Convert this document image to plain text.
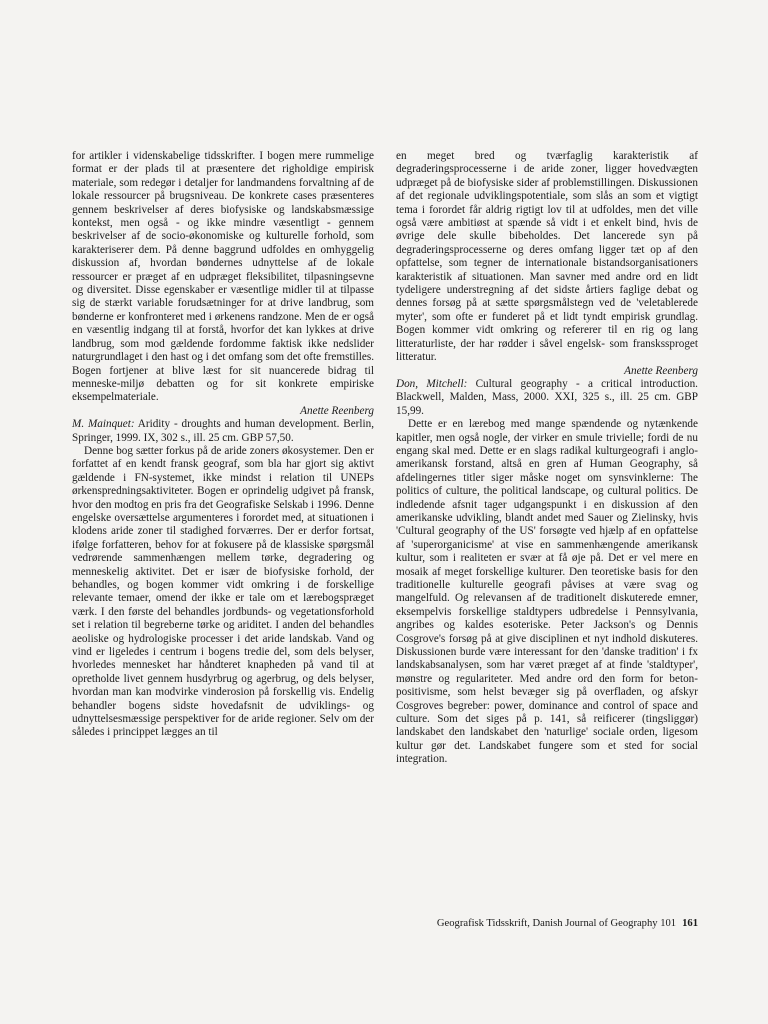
for artikler i videnskabelige tidsskrifter. I bogen mere rummelige format er der plads til at præsentere det righoldige empirisk materiale, som redegør i detaljer for landmandens forvaltning af de lokale ressourcer på brugsniveau. De konkrete cases præsenteres gennem beskrivelser af deres biofysiske og landskabsmæssige kontekst, men også - og ikke mindre væsentligt - gennem beskrivelser af de socio-økonomiske og kulturelle forhold, som karakteriserer dem. På denne baggrund udfoldes en omhyggelig diskussion af, hvordan bøndernes udnyttelse af de lokale ressourcer er præget af en udpræget fleksibilitet, tilpasningsevne og diversitet. Disse egenskaber er væsentlige midler til at tilpasse sig de stærkt variable forudsætninger for at drive landbrug, som bønderne er konfronteret med i ørkenens randzone. Men de er også en væsentlig indgang til at forstå, hvorfor det kan lykkes at drive landbrug, som mod gældende fordomme faktisk ikke nedslider naturgrundlaget i den hast og i det omfang som det ofte fremstilles. Bogen fortjener at blive læst for sit nuancerede bidrag til menneske-miljø debatten og for sit konkrete empiriske eksempelmateriale.

Anette Reenberg

M. Mainquet: Aridity - droughts and human development. Berlin, Springer, 1999. IX, 302 s., ill. 25 cm. GBP 57,50.

Denne bog sætter forkus på de aride zoners økosystemer. Den er forfattet af en kendt fransk geograf, som bla har gjort sig aktivt gældende i FN-systemet, ikke mindst i relation til UNEPs ørkenspredningsaktiviteter. Bogen er oprindelig udgivet på fransk, hvor den modtog en pris fra det Geografiske Selskab i 1996. Denne engelske oversættelse argumenteres i forordet med, at situationen i klodens aride zoner til stadighed forværres. Der er derfor fortsat, ifølge forfatteren, behov for at fokusere på de klassiske spørgsmål vedrørende sammenhængen mellem tørke, degradering og menneskelig aktivitet. Det er især de biofysiske forhold, der behandles, og bogen kommer vidt omkring i de forskellige relevante temaer, omend der ikke er tale om et lærebogspræget værk. I den første del behandles jordbunds- og vegetationsforhold set i relation til begreberne tørke og ariditet. I anden del behandles aeoliske og hydrologiske processer i det aride landskab. Vand og vind er ligeledes i centrum i bogens tredie del, som dels belyser, hvorledes mennesket har håndteret knapheden på vand til at opretholde livet gennem husdyrbrug og agerbrug, og dels belyser, hvordan man kan modvirke vinderosion på forskellig vis. Endelig behandler bogens sidste hovedafsnit de udviklings- og udnyttelsesmæssige perspektiver for de aride regioner. Selv om der således i princippet lægges an til

en meget bred og tværfaglig karakteristik af degraderingsprocesserne i de aride zoner, ligger hovedvægten udpræget på de biofysiske sider af problemstillingen. Diskussionen af det regionale udviklingspotentiale, som slås an som et vigtigt tema i forordet får aldrig rigtigt lov til at udfoldes, men det ville også være ambitiøst at spænde så vidt i et enkelt bind, hvis de øvrige dele skulle bibeholdes. Det lancerede syn på degraderingsprocesserne og deres omfang ligger tæt op af den opfattelse, som tegner de internationale bistandsorganisationers karakteristik af situationen. Man savner med andre ord en lidt tydeligere understregning af det sidste årtiers faglige debat og dennes forsøg på at sætte spørgsmålstegn ved de 'veletablerede myter', som ofte er funderet på et lidt tyndt empirisk grundlag. Bogen kommer vidt omkring og refererer til en rig og lang litteraturliste, der har rødder i såvel engelsk- som franskssproget litteratur.

Anette Reenberg

Don, Mitchell: Cultural geography - a critical introduction. Blackwell, Malden, Mass, 2000. XXI, 325 s., ill. 25 cm. GBP 15,99.

Dette er en lærebog med mange spændende og nytænkende kapitler, men også nogle, der virker en smule trivielle; fordi de nu engang skal med. Dette er en slags radikal kulturgeografi i anglo-amerikansk forstand, altså en gren af Human Geography, så afdelingernes titler siger måske noget om synsvinklerne: The politics of culture, the political landscape, og cultural politics. De indledende afsnit tager udgangspunkt i en diskussion af den amerikanske udvikling, blandt andet med Sauer og Zielinsky, hvis 'Cultural geography of the US' forsøgte ved hjælp af en opfattelse af 'superorganicisme' at vise en sammenhængende amerikansk kultur, som i realiteten er svær at få øje på. Det er vel mere en mosaik af meget forskellige kulturer. Den teoretiske basis for den traditionelle kulturelle geografi påvises at være svag og mangelfuld. Og relevansen af de traditionelt diskuterede emner, eksempelvis forskellige staldtypers udbredelse i Pennsylvania, angribes og kaldes esoteriske. Peter Jackson's og Dennis Cosgrove's forsøg på at give disciplinen et nyt indhold diskuteres. Diskussionen burde være interessant for den 'danske tradition' i fx landskabsanalysen, som har været præget af at finde 'staldtyper', mønstre og regulariteter. Med andre ord den form for beton-positivisme, som helst bevæger sig på overfladen, og afskyr Cosgroves begreber: power, dominance and control of space and culture. Som det siges på p. 141, så reificerer (tingsliggør) landskabet den landskabet den 'naturlige' sociale orden, ligesom kultur gør det. Landskabet fungere som et sted for social integration.

Geografisk Tidsskrift, Danish Journal of Geography 101 161
